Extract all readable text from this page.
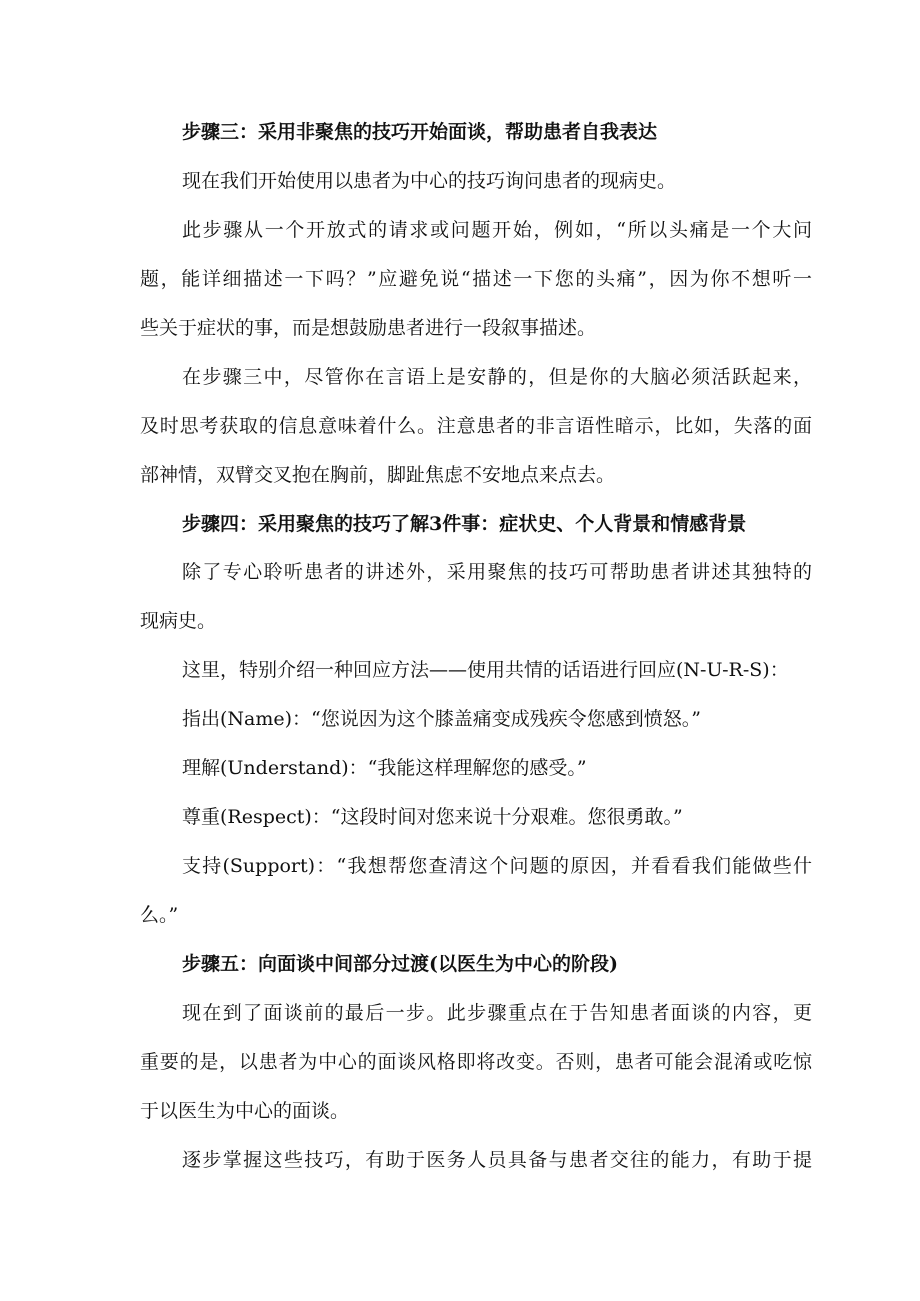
步骤三：采用非聚焦的技巧开始面谈，帮助患者自我表达
现在我们开始使用以患者为中心的技巧询问患者的现病史。
此步骤从一个开放式的请求或问题开始，例如，“所以头痛是一个大问
题，能详细描述一下吗？”应避免说“描述一下您的头痛”，因为你不想听一
些关于症状的事，而是想鼓励患者进行一段叙事描述。
在步骤三中，尽管你在言语上是安静的，但是你的大脑必须活跃起来，
及时思考获取的信息意味着什么。注意患者的非言语性暗示，比如，失落的面
部神情，双臂交叉抱在胸前，脚趾焦虑不安地点来点去。
步骤四：采用聚焦的技巧了解3件事：症状史、个人背景和情感背景
除了专心聆听患者的讲述外，采用聚焦的技巧可帮助患者讲述其独特的
现病史。
这里，特别介绍一种回应方法——使用共情的话语进行回应(N-U-R-S)：
指出(Name)：“您说因为这个膝盖痛变成残疾令您感到愤怒。”
理解(Understand)：“我能这样理解您的感受。”
尊重(Respect)：“这段时间对您来说十分艰难。您很勇敢。”
支持(Support)：“我想帮您查清这个问题的原因，并看看我们能做些什
么。”
步骤五：向面谈中间部分过渡(以医生为中心的阶段)
现在到了面谈前的最后一步。此步骤重点在于告知患者面谈的内容，更
重要的是，以患者为中心的面谈风格即将改变。否则，患者可能会混淆或吃惊
于以医生为中心的面谈。
逐步掌握这些技巧，有助于医务人员具备与患者交往的能力，有助于提
